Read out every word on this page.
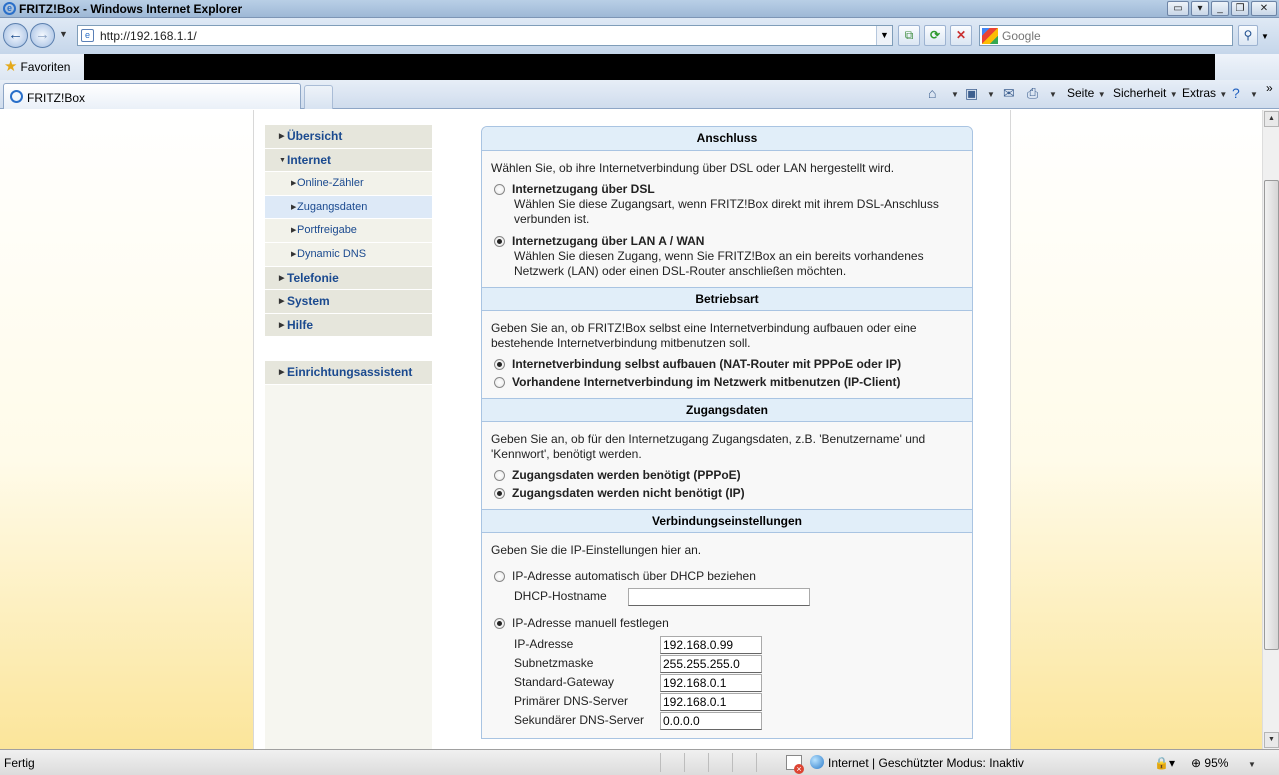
e FRITZ!Box - Windows Internet Explorer	▭	▾	_	❐	✕
← →	▼	e http://192.168.1.1/	▼	⧉	⟳	✕
Google	⚲	▼
★ Favoriten
FRITZ!Box	⌂ ▼ ▣ ▼ ✉ ⎙ ▼ Seite ▼ Sicherheit ▼ Extras ▼ ? ▼ »
▶ Übersicht
▼ Internet
▶ Online-Zähler
▶ Zugangsdaten
▶ Portfreigabe
▶ Dynamic DNS
▶ Telefonie
▶ System
▶ Hilfe
▶ Einrichtungsassistent
Anschluss

Wählen Sie, ob ihre Internetverbindung über DSL oder LAN hergestellt wird.

Internetzugang über DSL
Wählen Sie diese Zugangsart, wenn FRITZ!Box direkt mit ihrem DSL-Anschluss verbunden ist.
Internetzugang über LAN A / WAN
Wählen Sie diesen Zugang, wenn Sie FRITZ!Box an ein bereits vorhandenes Netzwerk (LAN) oder einen DSL-Router anschließen möchten.
Betriebsart

Geben Sie an, ob FRITZ!Box selbst eine Internetverbindung aufbauen oder eine bestehende Internetverbindung mitbenutzen soll.

Internetverbindung selbst aufbauen (NAT-Router mit PPPoE oder IP)
Vorhandene Internetverbindung im Netzwerk mitbenutzen (IP-Client)
Zugangsdaten

Geben Sie an, ob für den Internetzugang Zugangsdaten, z.B. 'Benutzername' und 'Kennwort', benötigt werden.

Zugangsdaten werden benötigt (PPPoE)
Zugangsdaten werden nicht benötigt (IP)
Verbindungseinstellungen

Geben Sie die IP-Einstellungen hier an.

IP-Adresse automatisch über DHCP beziehen
DHCP-Hostname
IP-Adresse manuell festlegen
IP-Adresse
192.168.0.99
Subnetzmaske
255.255.255.0
Standard-Gateway
192.168.0.1
Primärer DNS-Server
192.168.0.1
Sekundärer DNS-Server
0.0.0.0
▲
▼
Fertig
×	Internet | Geschützter Modus: Inaktiv	🔒▾ ⊕ 95% ▼
